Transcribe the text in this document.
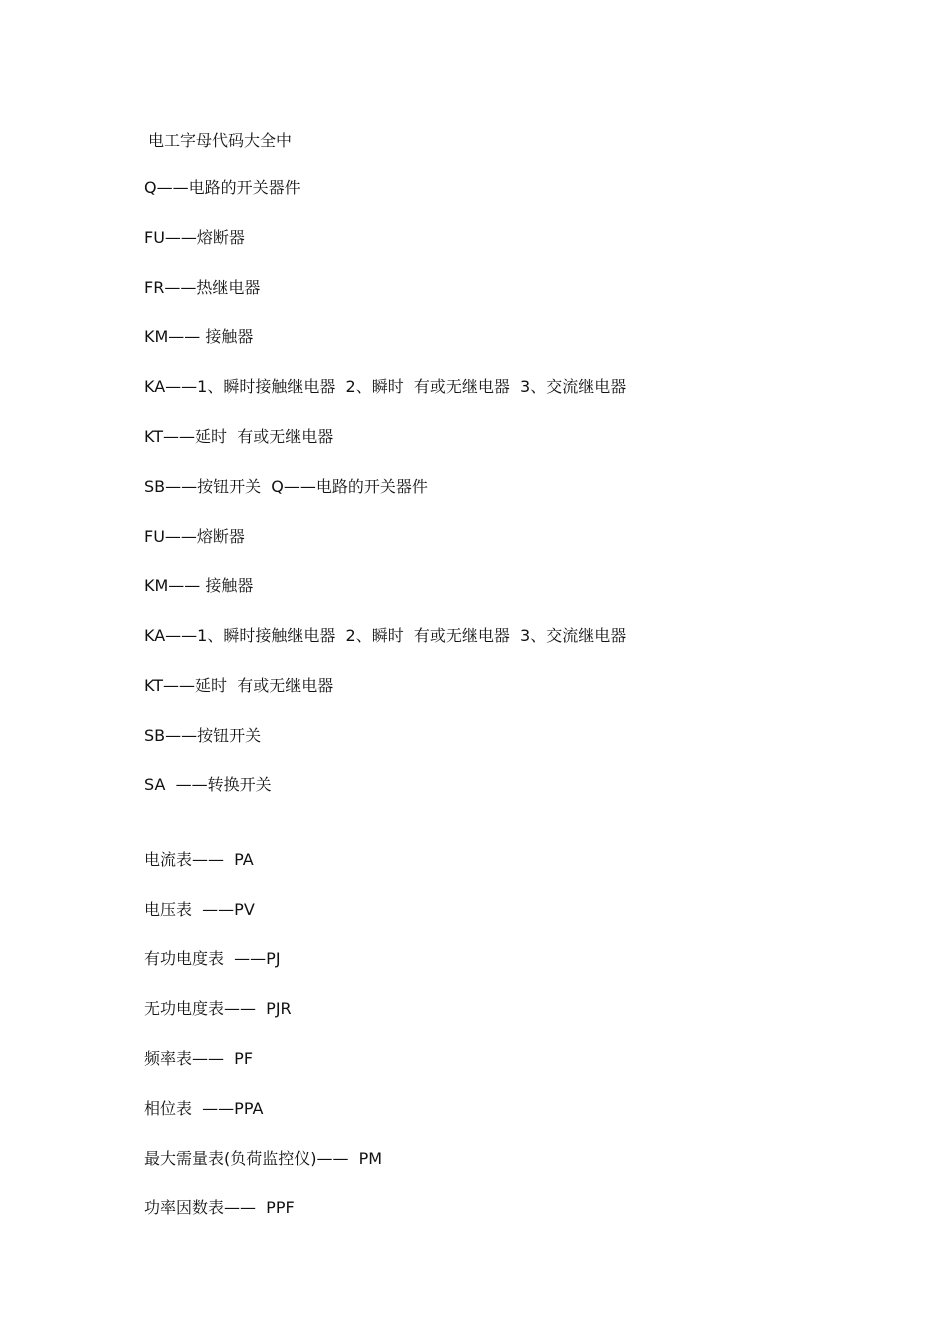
电工字母代码大全中
Q——电路的开关器件
FU——熔断器
FR——热继电器
KM—— 接触器
KA——1、瞬时接触继电器  2、瞬时  有或无继电器  3、交流继电器
KT——延时  有或无继电器
SB——按钮开关  Q——电路的开关器件
FU——熔断器
KM—— 接触器
KA——1、瞬时接触继电器  2、瞬时  有或无继电器  3、交流继电器
KT——延时  有或无继电器
SB——按钮开关
SA  ——转换开关
电流表——  PA
电压表  ——PV
有功电度表  ——PJ
无功电度表——  PJR
频率表——  PF
相位表  ——PPA
最大需量表(负荷监控仪)——  PM
功率因数表——  PPF
